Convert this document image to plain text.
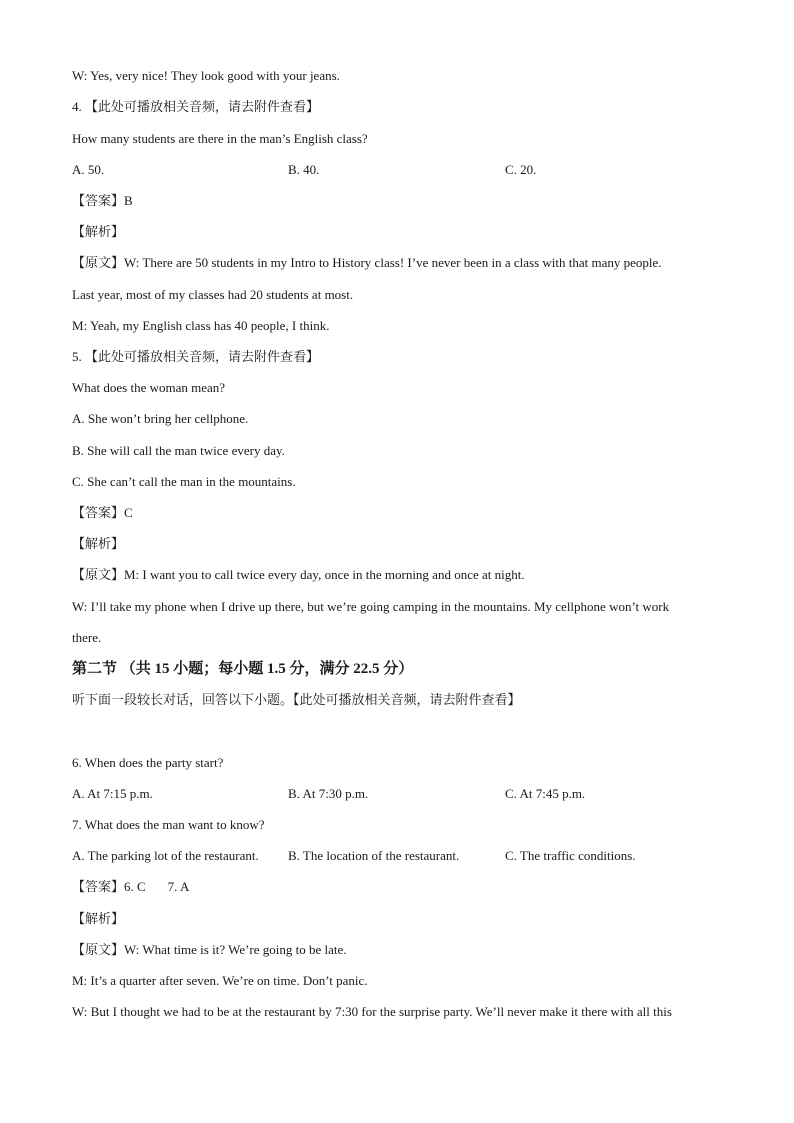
W: Yes, very nice! They look good with your jeans.
4. 【此处可播放相关音频，请去附件查看】
How many students are there in the man’s English class?
A. 50.	B. 40.	C. 20.
【答案】B
【解析】
【原文】W: There are 50 students in my Intro to History class! I’ve never been in a class with that many people.
Last year, most of my classes had 20 students at most.
M: Yeah, my English class has 40 people, I think.
5. 【此处可播放相关音频，请去附件查看】
What does the woman mean?
A. She won’t bring her cellphone.
B. She will call the man twice every day.
C. She can’t call the man in the mountains.
【答案】C
【解析】
【原文】M: I want you to call twice every day, once in the morning and once at night.
W: I’ll take my phone when I drive up there, but we’re going camping in the mountains. My cellphone won’t work
there.
第二节 （共 15 小题；每小题 1.5 分，满分 22.5 分）
听下面一段较长对话，回答以下小题。【此处可播放相关音频，请去附件查看】
6. When does the party start?
A. At 7:15 p.m.	B. At 7:30 p.m.	C. At 7:45 p.m.
7. What does the man want to know?
A. The parking lot of the restaurant. B. The location of the restaurant.	C. The traffic conditions.
【答案】6. C 7. A
【解析】
【原文】W: What time is it? We’re going to be late.
M: It’s a quarter after seven. We’re on time. Don’t panic.
W: But I thought we had to be at the restaurant by 7:30 for the surprise party. We’ll never make it there with all this
